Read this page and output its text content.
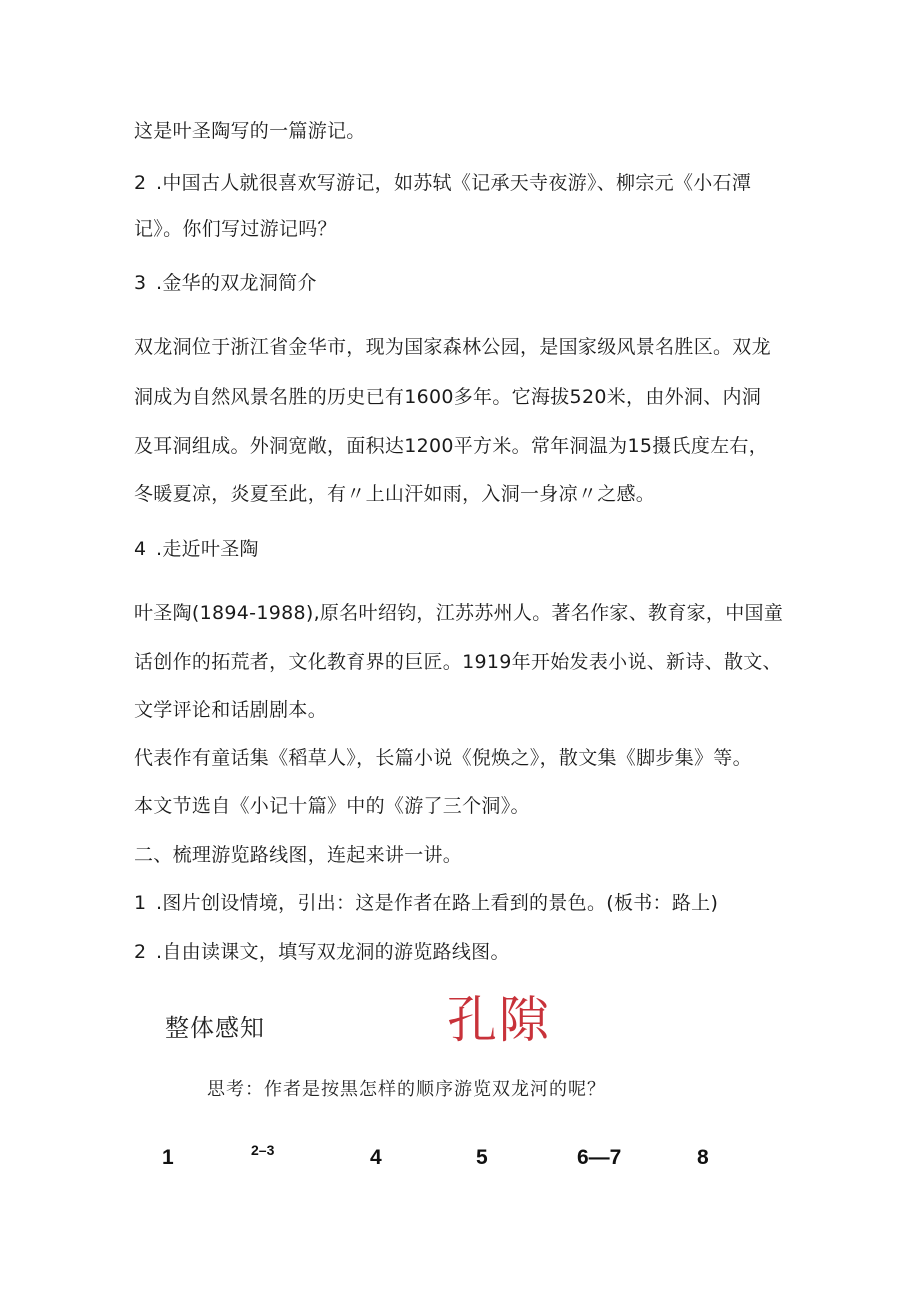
这是叶圣陶写的一篇游记。

2 .中国古人就很喜欢写游记，如苏轼《记承天寺夜游》、柳宗元《小石潭

记》。你们写过游记吗？

3 .金华的双龙洞简介

双龙洞位于浙江省金华市，现为国家森林公园，是国家级风景名胜区。双龙

洞成为自然风景名胜的历史已有1600多年。它海拔520米，由外洞、内洞

及耳洞组成。外洞宽敞，面积达1200平方米。常年洞温为15摄氏度左右，

冬暖夏凉，炎夏至此，有〃上山汗如雨，入洞一身凉〃之感。

4 .走近叶圣陶

叶圣陶(1894-1988),原名叶绍钧，江苏苏州人。著名作家、教育家，中国童

话创作的拓荒者，文化教育界的巨匠。1919年开始发表小说、新诗、散文、

文学评论和话剧剧本。

代表作有童话集《稻草人》，长篇小说《倪焕之》，散文集《脚步集》等。

本文节选自《小记十篇》中的《游了三个洞》。

二、梳理游览路线图，连起来讲一讲。

1 .图片创设情境，引出：这是作者在路上看到的景色。(板书：路上)

2 .自由读课文，填写双龙洞的游览路线图。

整体感知	孔隙
思考：作者是按黒怎样的顺序游览双龙河的呢？
1	2–3	4	5	6—7	8
